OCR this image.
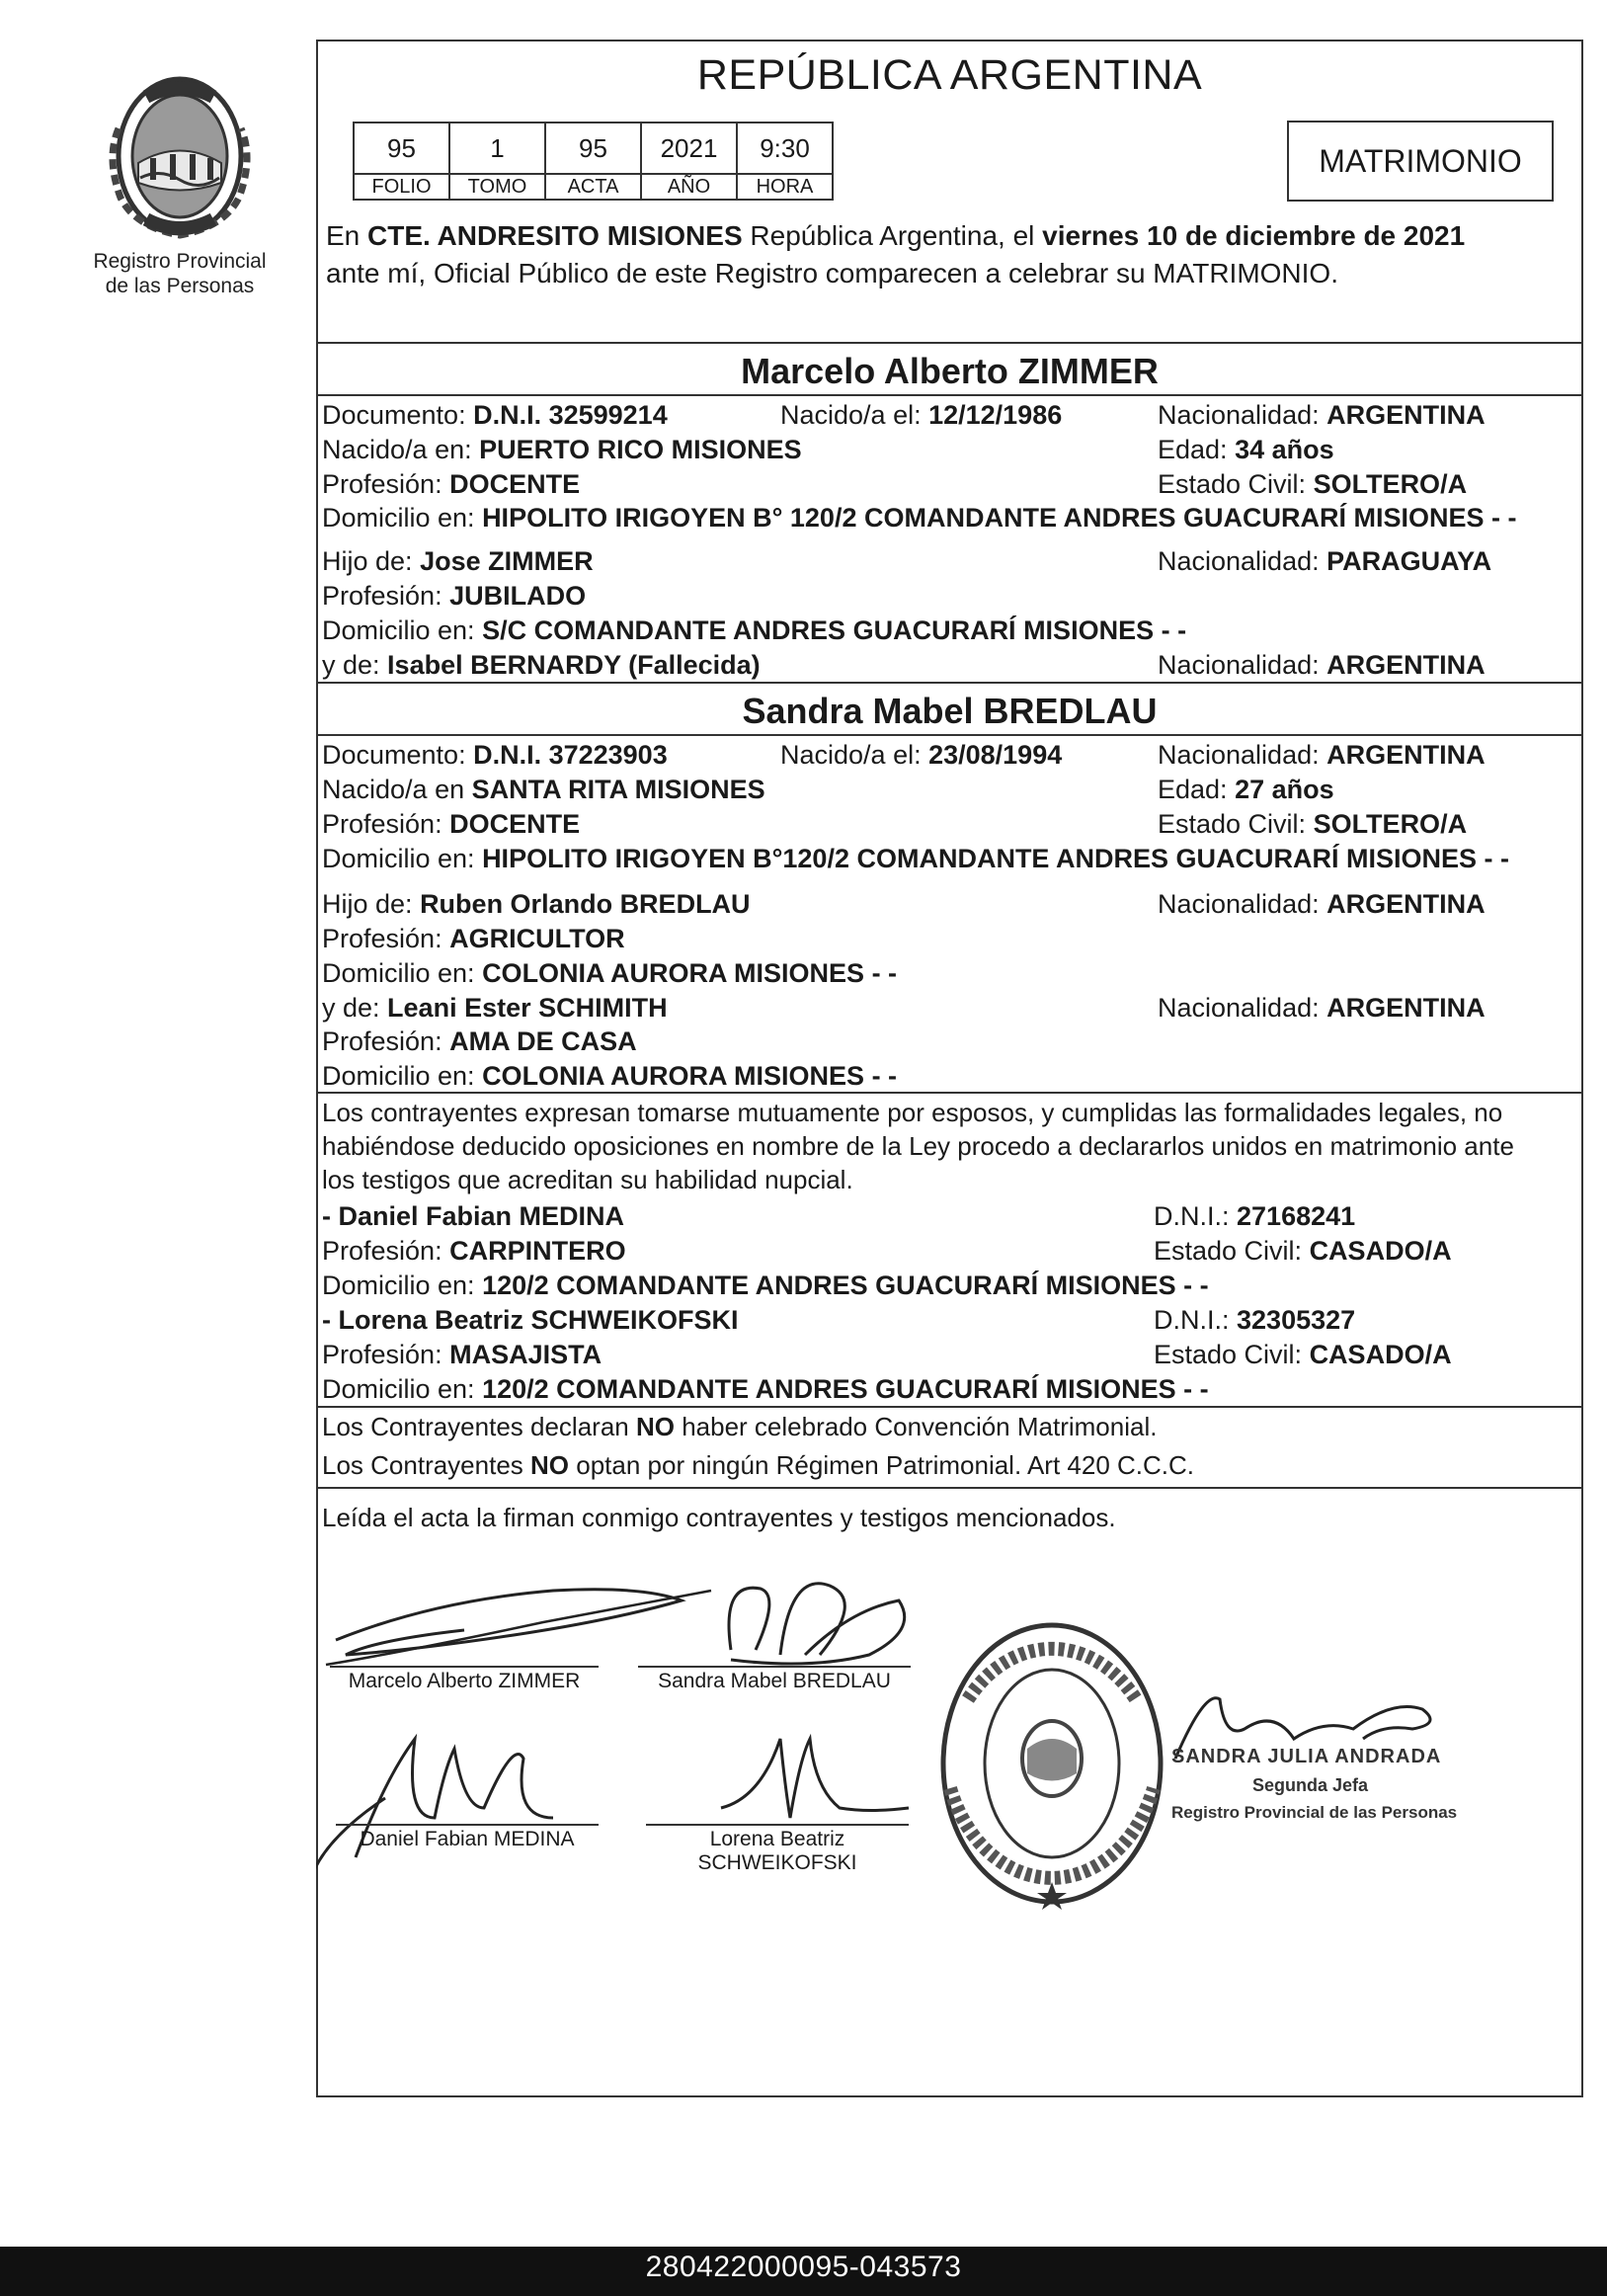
Registro Provincial
de las Personas
REPÚBLICA ARGENTINA
95	1	95	2021	9:30
FOLIO	TOMO	ACTA	AÑO	HORA
MATRIMONIO
En CTE. ANDRESITO MISIONES República Argentina, el viernes 10 de diciembre de 2021
ante mí, Oficial Público de este Registro comparecen a celebrar su MATRIMONIO.
Marcelo Alberto ZIMMER
Documento: D.N.I. 32599214	Nacido/a el: 12/12/1986	Nacionalidad: ARGENTINA
Nacido/a en: PUERTO RICO MISIONES	Edad: 34 años
Profesión: DOCENTE	Estado Civil: SOLTERO/A
Domicilio en: HIPOLITO IRIGOYEN B° 120/2 COMANDANTE ANDRES GUACURARÍ MISIONES - -
Hijo de: Jose ZIMMER	Nacionalidad: PARAGUAYA
Profesión: JUBILADO
Domicilio en: S/C COMANDANTE ANDRES GUACURARÍ MISIONES - -
y de: Isabel BERNARDY (Fallecida)	Nacionalidad: ARGENTINA
Sandra Mabel BREDLAU
Documento: D.N.I. 37223903	Nacido/a el: 23/08/1994	Nacionalidad: ARGENTINA
Nacido/a en SANTA RITA MISIONES	Edad: 27 años
Profesión: DOCENTE	Estado Civil: SOLTERO/A
Domicilio en: HIPOLITO IRIGOYEN B°120/2 COMANDANTE ANDRES GUACURARÍ MISIONES - -
Hijo de: Ruben Orlando BREDLAU	Nacionalidad: ARGENTINA
Profesión: AGRICULTOR
Domicilio en: COLONIA AURORA MISIONES - -
y de: Leani Ester SCHIMITH	Nacionalidad: ARGENTINA
Profesión: AMA DE CASA
Domicilio en: COLONIA AURORA MISIONES - -
Los contrayentes expresan tomarse mutuamente por esposos, y cumplidas las formalidades legales, no
habiéndose deducido oposiciones en nombre de la Ley procedo a declararlos unidos en matrimonio ante
los testigos que acreditan su habilidad nupcial.
- Daniel Fabian MEDINA	D.N.I.: 27168241
Profesión: CARPINTERO	Estado Civil: CASADO/A
Domicilio en: 120/2 COMANDANTE ANDRES GUACURARÍ MISIONES - -
- Lorena Beatriz SCHWEIKOFSKI	D.N.I.: 32305327
Profesión: MASAJISTA	Estado Civil: CASADO/A
Domicilio en: 120/2 COMANDANTE ANDRES GUACURARÍ MISIONES - -
Los Contrayentes declaran NO haber celebrado Convención Matrimonial.
Los Contrayentes NO optan por ningún Régimen Patrimonial. Art 420 C.C.C.
Leída el acta la firman conmigo contrayentes y testigos mencionados.
Marcelo Alberto ZIMMER	Sandra Mabel BREDLAU
Daniel Fabian MEDINA	Lorena Beatriz
SCHWEIKOFSKI
SANDRA JULIA ANDRADA
Segunda Jefa
Registro Provincial de las Personas
280422000095-043573
